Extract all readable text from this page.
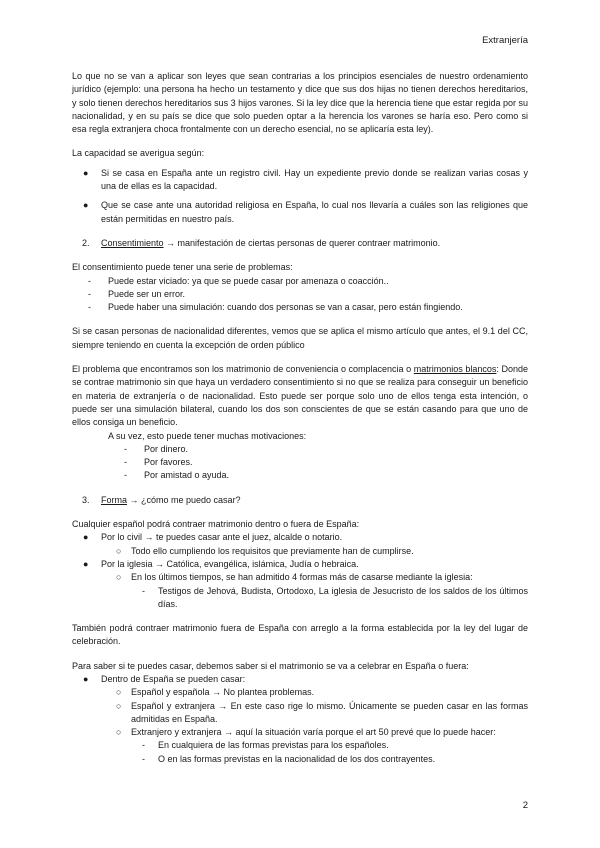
Extranjería

Lo que no se van a aplicar son leyes que sean contrarias a los principios esenciales de nuestro ordenamiento jurídico (ejemplo: una persona ha hecho un testamento y dice que sus dos hijas no tienen derechos hereditarios, y solo tienen derechos hereditarios sus 3 hijos varones. Si la ley dice que la herencia tiene que estar regida por su nacionalidad, y en su país se dice que solo pueden optar a la herencia los varones se haría eso. Pero como si esa regla extranjera choca frontalmente con un derecho esencial, no se aplicaría esta ley).

La capacidad se averigua según:

● Si se casa en España ante un registro civil. Hay un expediente previo donde se realizan varias cosas y una de ellas es la capacidad.
● Que se case ante una autoridad religiosa en España, lo cual nos llevaría a cuáles son las religiones que están permitidas en nuestro país.
2. Consentimiento → manifestación de ciertas personas de querer contraer matrimonio.

El consentimiento puede tener una serie de problemas:

- Puede estar viciado: ya que se puede casar por amenaza o coacción..
- Puede ser un error.
- Puede haber una simulación: cuando dos personas se van a casar, pero están fingiendo.

Si se casan personas de nacionalidad diferentes, vemos que se aplica el mismo artículo que antes, el 9.1 del CC, siempre teniendo en cuenta la excepción de orden público

El problema que encontramos son los matrimonio de conveniencia o complacencia o matrimonios blancos: Donde se contrae matrimonio sin que haya un verdadero consentimiento si no que se realiza para conseguir un beneficio en materia de extranjería o de nacionalidad. Esto puede ser porque solo uno de ellos tenga esta intención, o puede ser una simulación bilateral, cuando los dos son conscientes de que se están casando para que uno de ellos consiga un beneficio.

A su vez, esto puede tener muchas motivaciones:

- Por dinero.
- Por favores.
- Por amistad o ayuda.
3. Forma → ¿cómo me puedo casar?

Cualquier español podrá contraer matrimonio dentro o fuera de España:

● Por lo civil → te puedes casar ante el juez, alcalde o notario.
○ Todo ello cumpliendo los requisitos que previamente han de cumplirse.
● Por la iglesia → Católica, evangélica, islámica, Judía o hebraica.
○ En los últimos tiempos, se han admitido 4 formas más de casarse mediante la iglesia:
- Testigos de Jehová, Budista, Ortodoxo, La iglesia de Jesucristo de los saldos de los últimos días.

También podrá contraer matrimonio fuera de España con arreglo a la forma establecida por la ley del lugar de celebración.

Para saber si te puedes casar, debemos saber si el matrimonio se va a celebrar en España o fuera:

● Dentro de España se pueden casar:
○ Español y española → No plantea problemas.
○ Español y extranjera → En este caso rige lo mismo. Únicamente se pueden casar en las formas admitidas en España.
○ Extranjero y extranjera → aquí la situación varía porque el art 50 prevé que lo puede hacer:
- En cualquiera de las formas previstas para los españoles.
- O en las formas previstas en la nacionalidad de los dos contrayentes.
2
